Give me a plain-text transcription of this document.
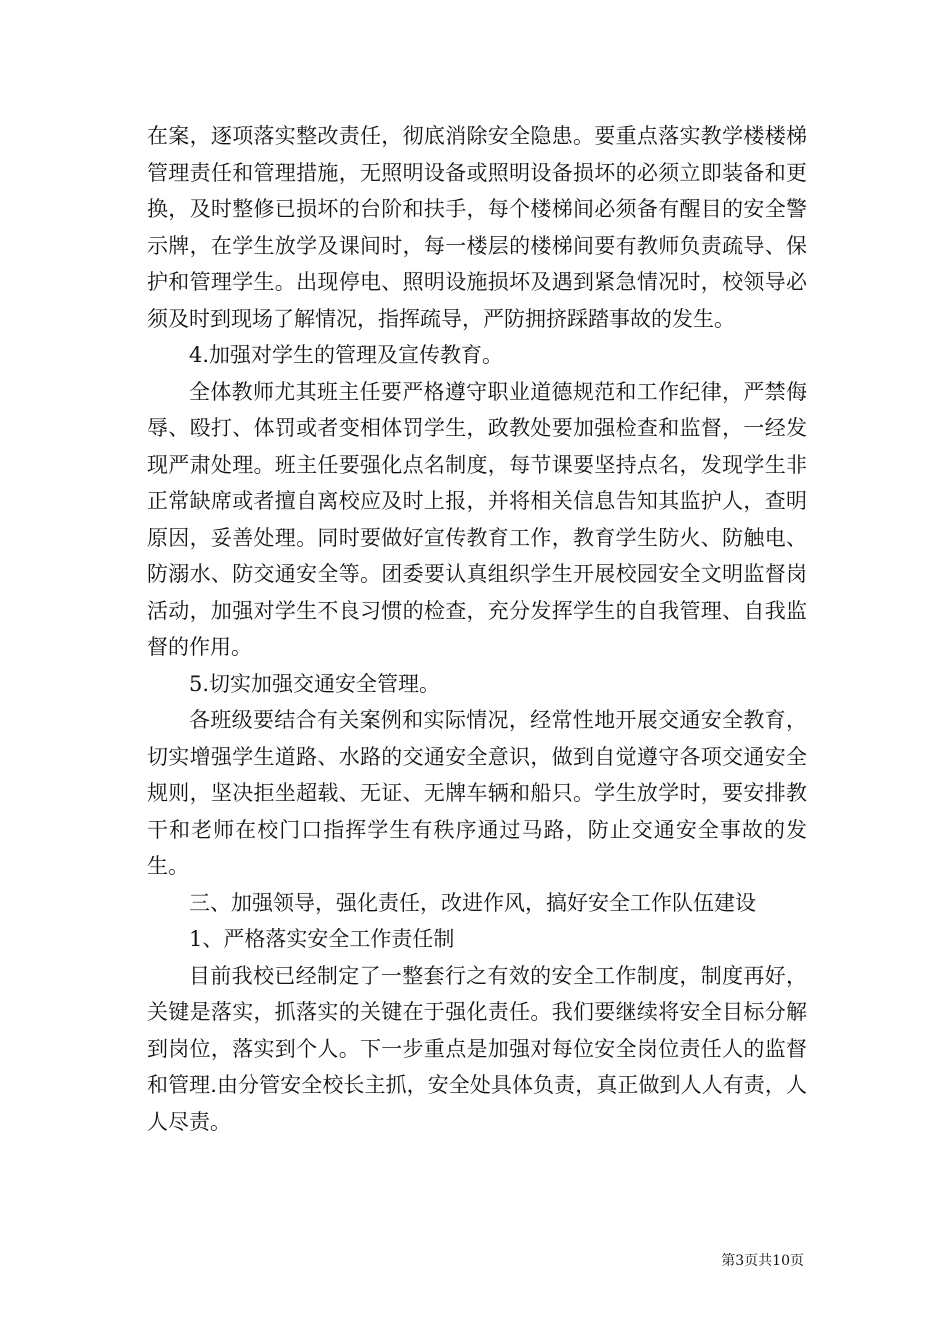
在案，逐项落实整改责任，彻底消除安全隐患。要重点落实教学楼楼梯管理责任和管理措施，无照明设备或照明设备损坏的必须立即装备和更换，及时整修已损坏的台阶和扶手，每个楼梯间必须备有醒目的安全警示牌，在学生放学及课间时，每一楼层的楼梯间要有教师负责疏导、保护和管理学生。出现停电、照明设施损坏及遇到紧急情况时，校领导必须及时到现场了解情况，指挥疏导，严防拥挤踩踏事故的发生。

4.加强对学生的管理及宣传教育。

全体教师尤其班主任要严格遵守职业道德规范和工作纪律，严禁侮辱、殴打、体罚或者变相体罚学生，政教处要加强检查和监督，一经发现严肃处理。班主任要强化点名制度，每节课要坚持点名，发现学生非正常缺席或者擅自离校应及时上报，并将相关信息告知其监护人，查明原因，妥善处理。同时要做好宣传教育工作，教育学生防火、防触电、防溺水、防交通安全等。团委要认真组织学生开展校园安全文明监督岗活动，加强对学生不良习惯的检查，充分发挥学生的自我管理、自我监督的作用。

5.切实加强交通安全管理。

各班级要结合有关案例和实际情况，经常性地开展交通安全教育，切实增强学生道路、水路的交通安全意识，做到自觉遵守各项交通安全规则，坚决拒坐超载、无证、无牌车辆和船只。学生放学时，要安排教干和老师在校门口指挥学生有秩序通过马路，防止交通安全事故的发生。

三、加强领导，强化责任，改进作风，搞好安全工作队伍建设

1、严格落实安全工作责任制

目前我校已经制定了一整套行之有效的安全工作制度，制度再好，关键是落实，抓落实的关键在于强化责任。我们要继续将安全目标分解到岗位，落实到个人。下一步重点是加强对每位安全岗位责任人的监督和管理.由分管安全校长主抓，安全处具体负责，真正做到人人有责，人人尽责。

第3页共10页
